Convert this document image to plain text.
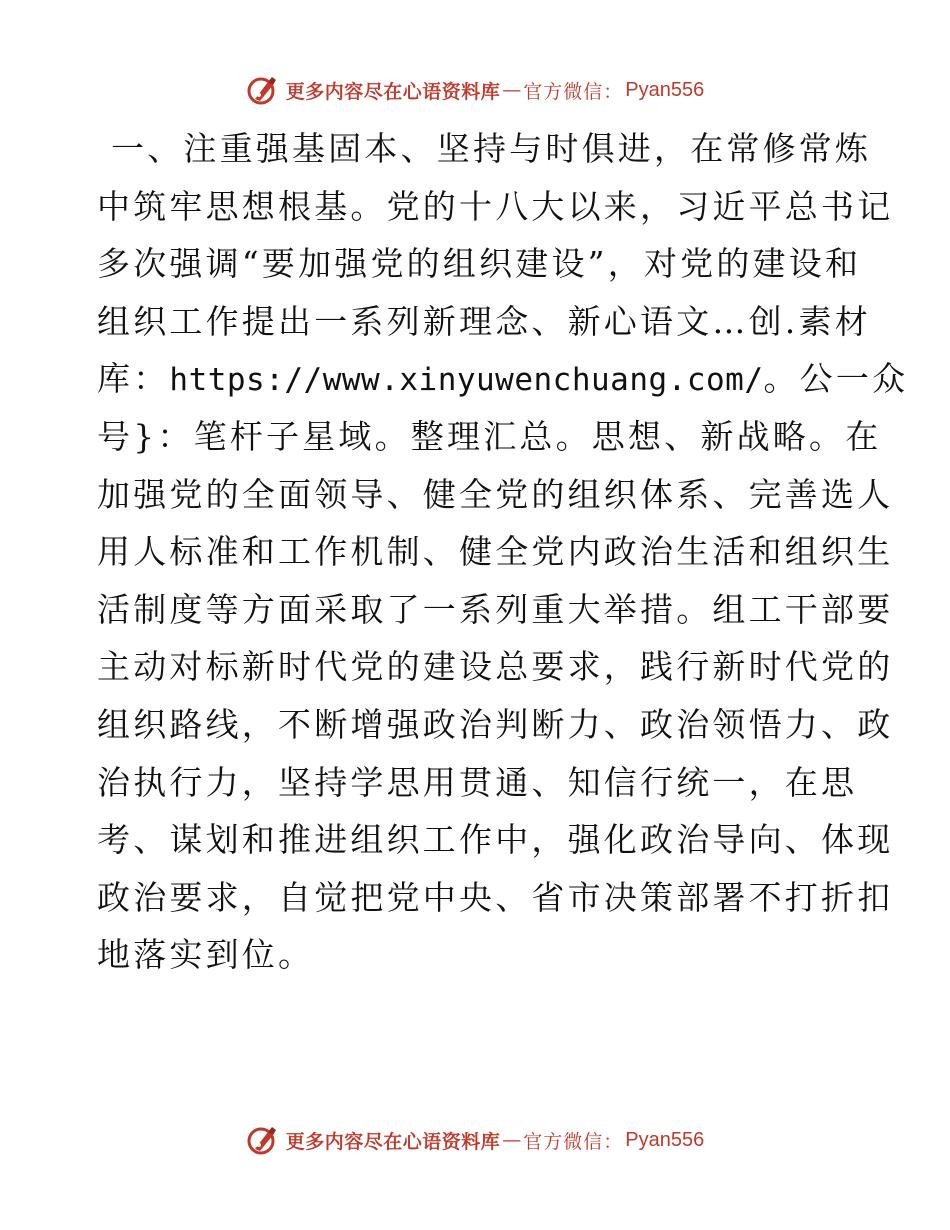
更多内容尽在心语资料库 — 官方微信： Pyan556
一、注重强基固本、坚持与时俱进，在常修常炼
中筑牢思想根基。党的十八大以来，习近平总书记
多次强调“要加强党的组织建设”，对党的建设和
组织工作提出一系列新理念、新心语文…创.素材
库：https://www.xinyuwenchuang.com/。公一众
号}：笔杆子星域。整理汇总。思想、新战略。在
加强党的全面领导、健全党的组织体系、完善选人
用人标准和工作机制、健全党内政治生活和组织生
活制度等方面采取了一系列重大举措。组工干部要
主动对标新时代党的建设总要求，践行新时代党的
组织路线，不断增强政治判断力、政治领悟力、政
治执行力，坚持学思用贯通、知信行统一，在思
考、谋划和推进组织工作中，强化政治导向、体现
政治要求，自觉把党中央、省市决策部署不打折扣
地落实到位。
更多内容尽在心语资料库 — 官方微信： Pyan556
